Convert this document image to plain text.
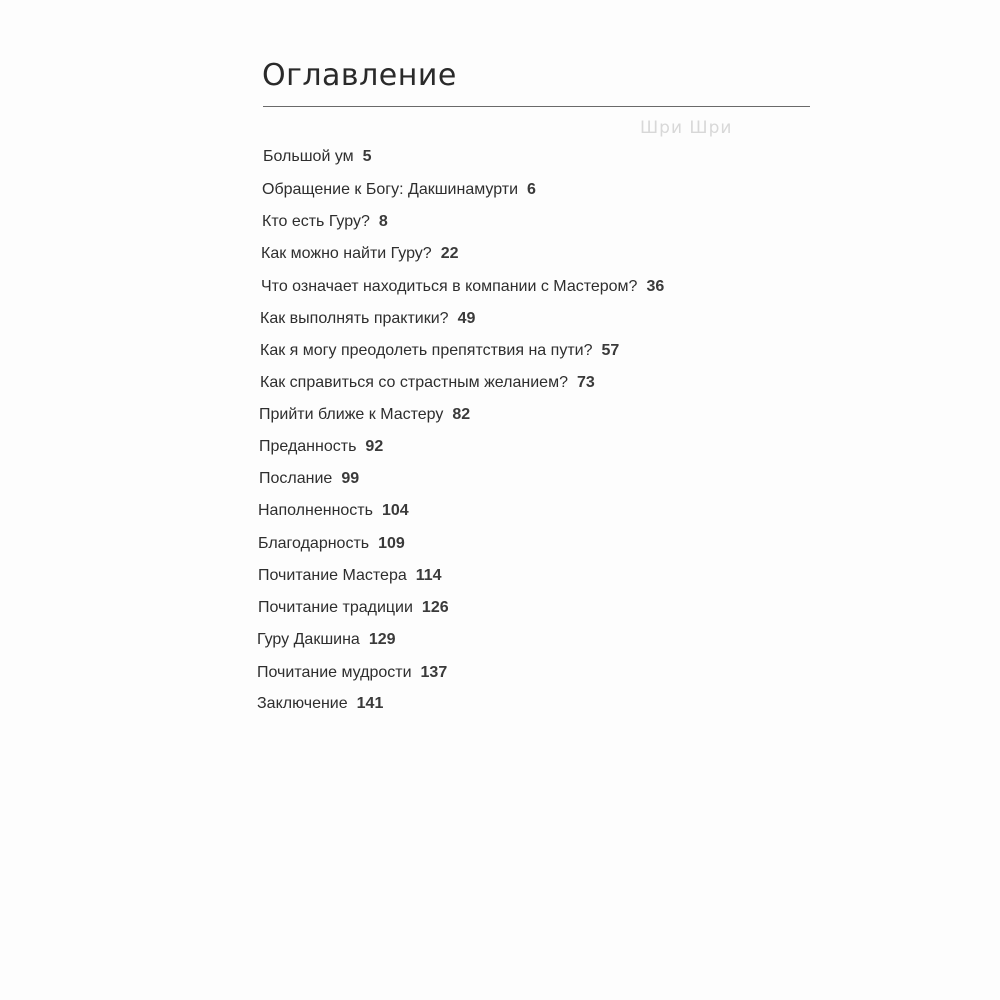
Оглавление
Шри Шри
Большой ум 5
Обращение к Богу: Дакшинамурти 6
Кто есть Гуру? 8
Как можно найти Гуру? 22
Что означает находиться в компании с Мастером? 36
Как выполнять практики? 49
Как я могу преодолеть препятствия на пути? 57
Как справиться со страстным желанием? 73
Прийти ближе к Мастеру 82
Преданность 92
Послание 99
Наполненность 104
Благодарность 109
Почитание Мастера 114
Почитание традиции 126
Гуру Дакшина 129
Почитание мудрости 137
Заключение 141
